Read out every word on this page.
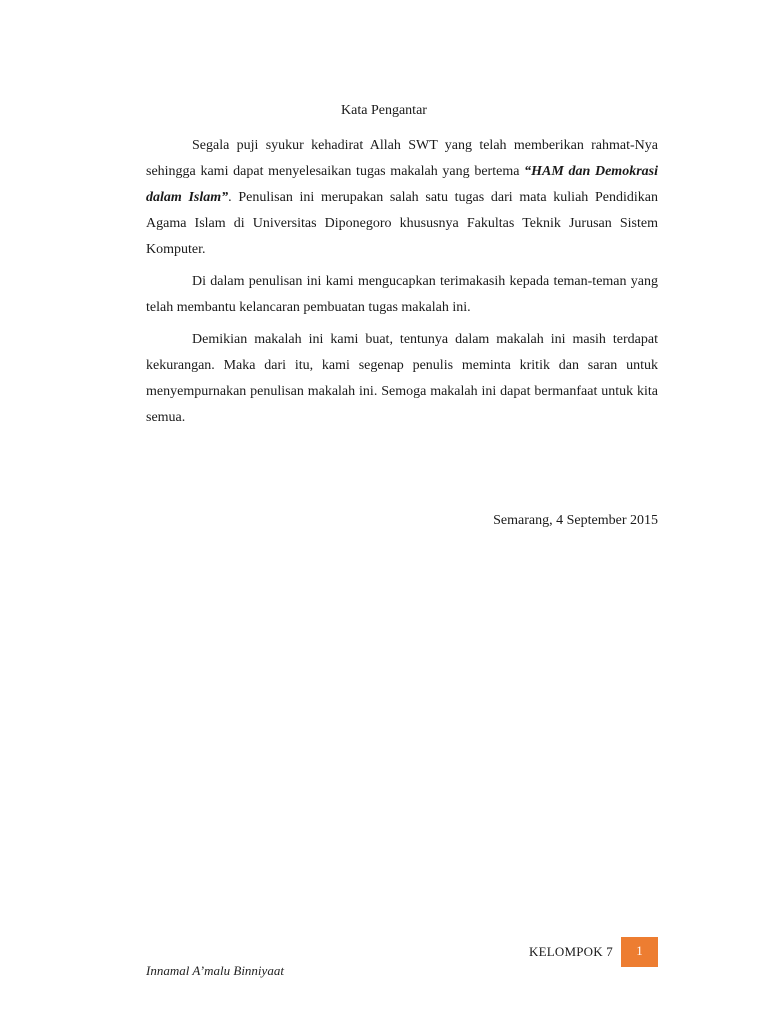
Kata Pengantar

Segala puji syukur kehadirat Allah SWT yang telah memberikan rahmat-Nya sehingga kami dapat menyelesaikan tugas makalah yang bertema “HAM dan Demokrasi dalam Islam”. Penulisan ini merupakan salah satu tugas dari mata kuliah Pendidikan Agama Islam di Universitas Diponegoro khususnya Fakultas Teknik Jurusan Sistem Komputer.

Di dalam penulisan ini kami mengucapkan terimakasih kepada teman-teman yang telah membantu kelancaran pembuatan tugas makalah ini.

Demikian makalah ini kami buat, tentunya dalam makalah ini masih terdapat kekurangan. Maka dari itu, kami segenap penulis meminta kritik dan saran untuk menyempurnakan penulisan makalah ini. Semoga makalah ini dapat bermanfaat untuk kita semua.

Semarang, 4 September 2015
KELOMPOK 7	1
Innamal A’malu Binniyaat
